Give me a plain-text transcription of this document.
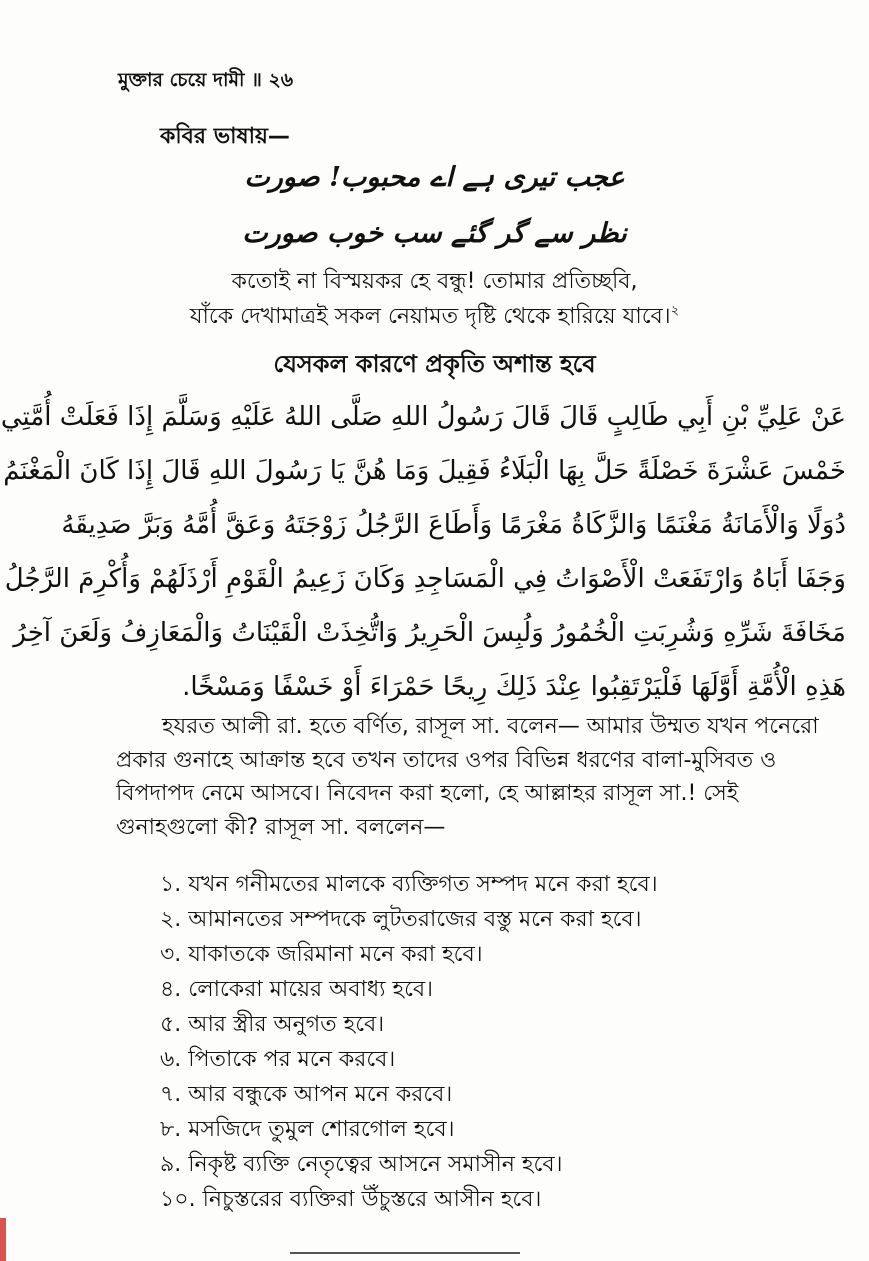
মুক্তার চেয়ে দামী ॥ ২৬
কবির ভাষায়—
عجب تیری ہے اے محبوب! صورت
نظر سے گر گئے سب خوب صورت
কতোই না বিস্ময়কর হে বন্ধু! তোমার প্রতিচ্ছবি,
যাঁকে দেখামাত্রই সকল নেয়ামত দৃষ্টি থেকে হারিয়ে যাবে।$^২$
যেসকল কারণে প্রকৃতি অশান্ত হবে
عَنْ عَلِيِّ بْنِ أَبِي طَالِبٍ قَالَ قَالَ رَسُولُ اللهِ صَلَّى اللهُ عَلَيْهِ وَسَلَّمَ إِذَا فَعَلَتْ أُمَّتِي
خَمْسَ عَشْرَةَ خَصْلَةً حَلَّ بِهَا الْبَلَاءُ فَقِيلَ وَمَا هُنَّ يَا رَسُولَ اللهِ قَالَ إِذَا كَانَ الْمَغْنَمُ
دُوَلًا وَالْأَمَانَةُ مَغْنَمًا وَالزَّكَاةُ مَغْرَمًا وَأَطَاعَ الرَّجُلُ زَوْجَتَهُ وَعَقَّ أُمَّهُ وَبَرَّ صَدِيقَهُ
وَجَفَا أَبَاهُ وَارْتَفَعَتْ الْأَصْوَاتُ فِي الْمَسَاجِدِ وَكَانَ زَعِيمُ الْقَوْمِ أَرْذَلَهُمْ وَأُكْرِمَ الرَّجُلُ
مَخَافَةَ شَرِّهِ وَشُرِبَتِ الْخُمُورُ وَلُبِسَ الْحَرِيرُ وَاتُّخِذَتْ الْقَيْنَاتُ وَالْمَعَازِفُ وَلَعَنَ آخِرُ
هَذِهِ الْأُمَّةِ أَوَّلَهَا فَلْيَرْتَقِبُوا عِنْدَ ذَلِكَ رِيحًا حَمْرَاءَ أَوْ خَسْفًا وَمَسْخًا.
হযরত আলী রা. হতে বর্ণিত, রাসূল সা. বলেন— আমার উম্মত যখন পনেরো প্রকার গুনাহে আক্রান্ত হবে তখন তাদের ওপর বিভিন্ন ধরণের বালা-মুসিবত ও বিপদাপদ নেমে আসবে। নিবেদন করা হলো, হে আল্লাহর রাসূল সা.! সেই গুনাহগুলো কী? রাসূল সা. বললেন—
১. যখন গনীমতের মালকে ব্যক্তিগত সম্পদ মনে করা হবে।
২. আমানতের সম্পদকে লুটতরাজের বস্তু মনে করা হবে।
৩. যাকাতকে জরিমানা মনে করা হবে।
৪. লোকেরা মায়ের অবাধ্য হবে।
৫. আর স্ত্রীর অনুগত হবে।
৬. পিতাকে পর মনে করবে।
৭. আর বন্ধুকে আপন মনে করবে।
৮. মসজিদে তুমুল শোরগোল হবে।
৯. নিকৃষ্ট ব্যক্তি নেতৃত্বের আসনে সমাসীন হবে।
১০. নিচুস্তরের ব্যক্তিরা উঁচুস্তরে আসীন হবে।
